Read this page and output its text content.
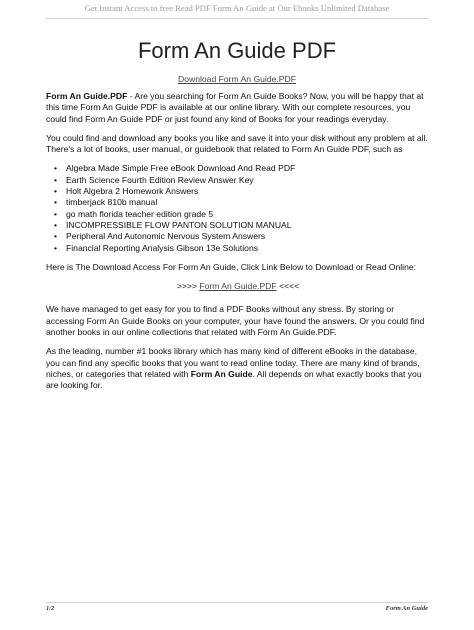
Get Instant Access to free Read PDF Form An Guide at Our Ebooks Unlimited Database
Form An Guide PDF
Download Form An Guide.PDF

Form An Guide.PDF - Are you searching for Form An Guide Books? Now, you will be happy that at this time Form An Guide PDF is available at our online library. With our complete resources, you could find Form An Guide PDF or just found any kind of Books for your readings everyday.

You could find and download any books you like and save it into your disk without any problem at all. There's a lot of books, user manual, or guidebook that related to Form An Guide PDF, such as

• Algebra Made Simple Free eBook Download And Read PDF
• Earth Science Fourth Edition Review Answer Key
• Holt Algebra 2 Homework Answers
• timberjack 810b manual
• go math florida teacher edition grade 5
• INCOMPRESSIBLE FLOW PANTON SOLUTION MANUAL
• Peripheral And Autonomic Nervous System Answers
• Financial Reporting Analysis Gibson 13e Solutions

Here is The Download Access For Form An Guide, Click Link Below to Download or Read Online:

>>>> Form An Guide.PDF <<<<

We have managed to get easy for you to find a PDF Books without any stress. By storing or accessing Form An Guide Books on your computer, your have found the answers. Or you could find another books in our online collections that related with Form An Guide.PDF.

As the leading, number #1 books library which has many kind of different eBooks in the database, you can find any specific books that you want to read online today. There are many kind of brands, niches, or categories that related with Form An Guide. All depends on what exactly books that you are looking for.

1/2	Form An Guide
